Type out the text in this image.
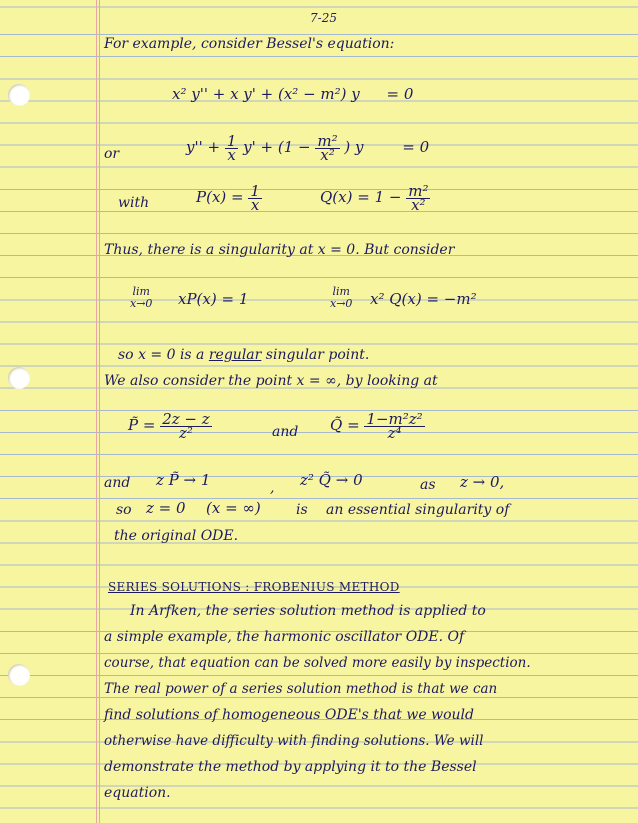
7-25
For example, consider Bessel's equation:
x² y'' + x y' + (x² − m²) y = 0
or	$y'' + \frac{1}{x} y' + (1 - \frac{\text{m²}}{\text{x²}}$ ) y	= 0
with	$P(x) = \frac{1}{x}$	$Q(x) = 1 - \frac{\text{m²}}{\text{x²}}$
Thus, there is a singularity at x = 0. But consider
lim
x→0 xP(x) = 1	lim
x→0 x² Q(x) = −m²
so x = 0 is a regular singular point.
We also consider the point x = ∞, by looking at
P̃ = $\frac{2z - z}{\text{z²}}$	and Q̃ = $\frac{\text{1−m²z²}}{\text{z⁴}}$
and z P̃ → 1	, z² Q̃ → 0	as z → 0,
so z = 0 (x = ∞)	is an essential singularity of
the original ODE.
SERIES SOLUTIONS : FROBENIUS METHOD
In Arfken, the series solution method is applied to
a simple example, the harmonic oscillator ODE. Of
course, that equation can be solved more easily by inspection.
The real power of a series solution method is that we can
find solutions of homogeneous ODE's that we would
otherwise have difficulty with finding solutions. We will
demonstrate the method by applying it to the Bessel
equation.
